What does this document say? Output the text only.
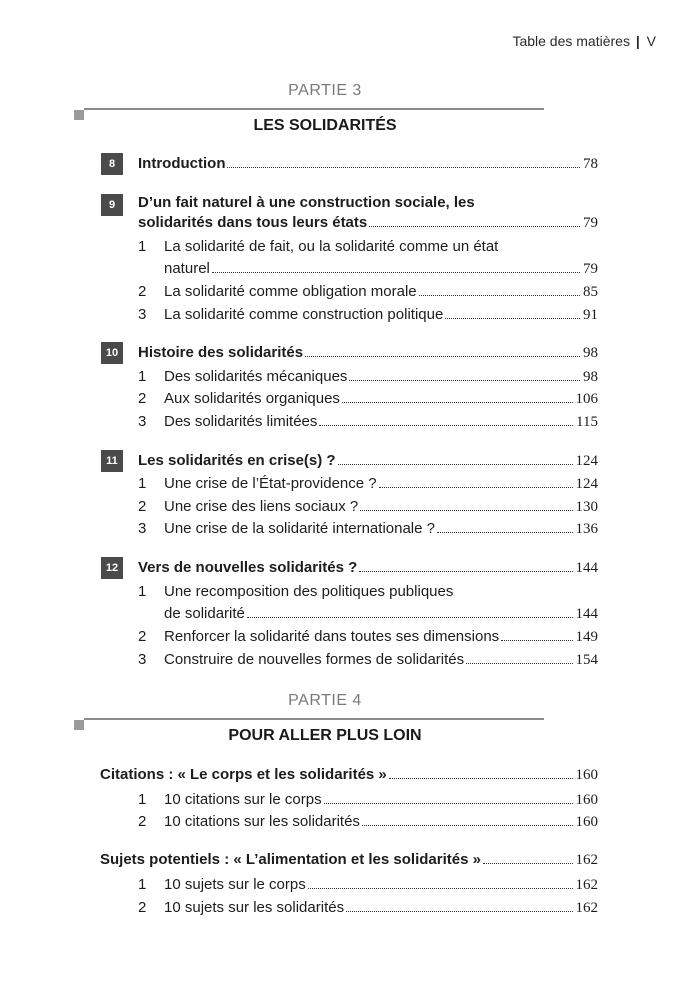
Table des matières | V
PARTIE 3
LES SOLIDARITÉS
8	Introduction	78
9	D’un fait naturel à une construction sociale, les
solidarités dans tous leurs états	79
1 La solidarité de fait, ou la solidarité comme un état
naturel	79
2 La solidarité comme obligation morale	85
3 La solidarité comme construction politique	91
10	Histoire des solidarités	98
1 Des solidarités mécaniques	98
2 Aux solidarités organiques	106
3 Des solidarités limitées	115
11	Les solidarités en crise(s) ?	124
1 Une crise de l’État-providence ?	124
2 Une crise des liens sociaux ?	130
3 Une crise de la solidarité internationale ?	136
12	Vers de nouvelles solidarités ?	144
1 Une recomposition des politiques publiques
de solidarité	144
2 Renforcer la solidarité dans toutes ses dimensions	149
3 Construire de nouvelles formes de solidarités	154
PARTIE 4
POUR ALLER PLUS LOIN
Citations : « Le corps et les solidarités »	160
1 10 citations sur le corps	160
2 10 citations sur les solidarités	160
Sujets potentiels : « L’alimentation et les solidarités »	162
1 10 sujets sur le corps	162
2 10 sujets sur les solidarités	162
